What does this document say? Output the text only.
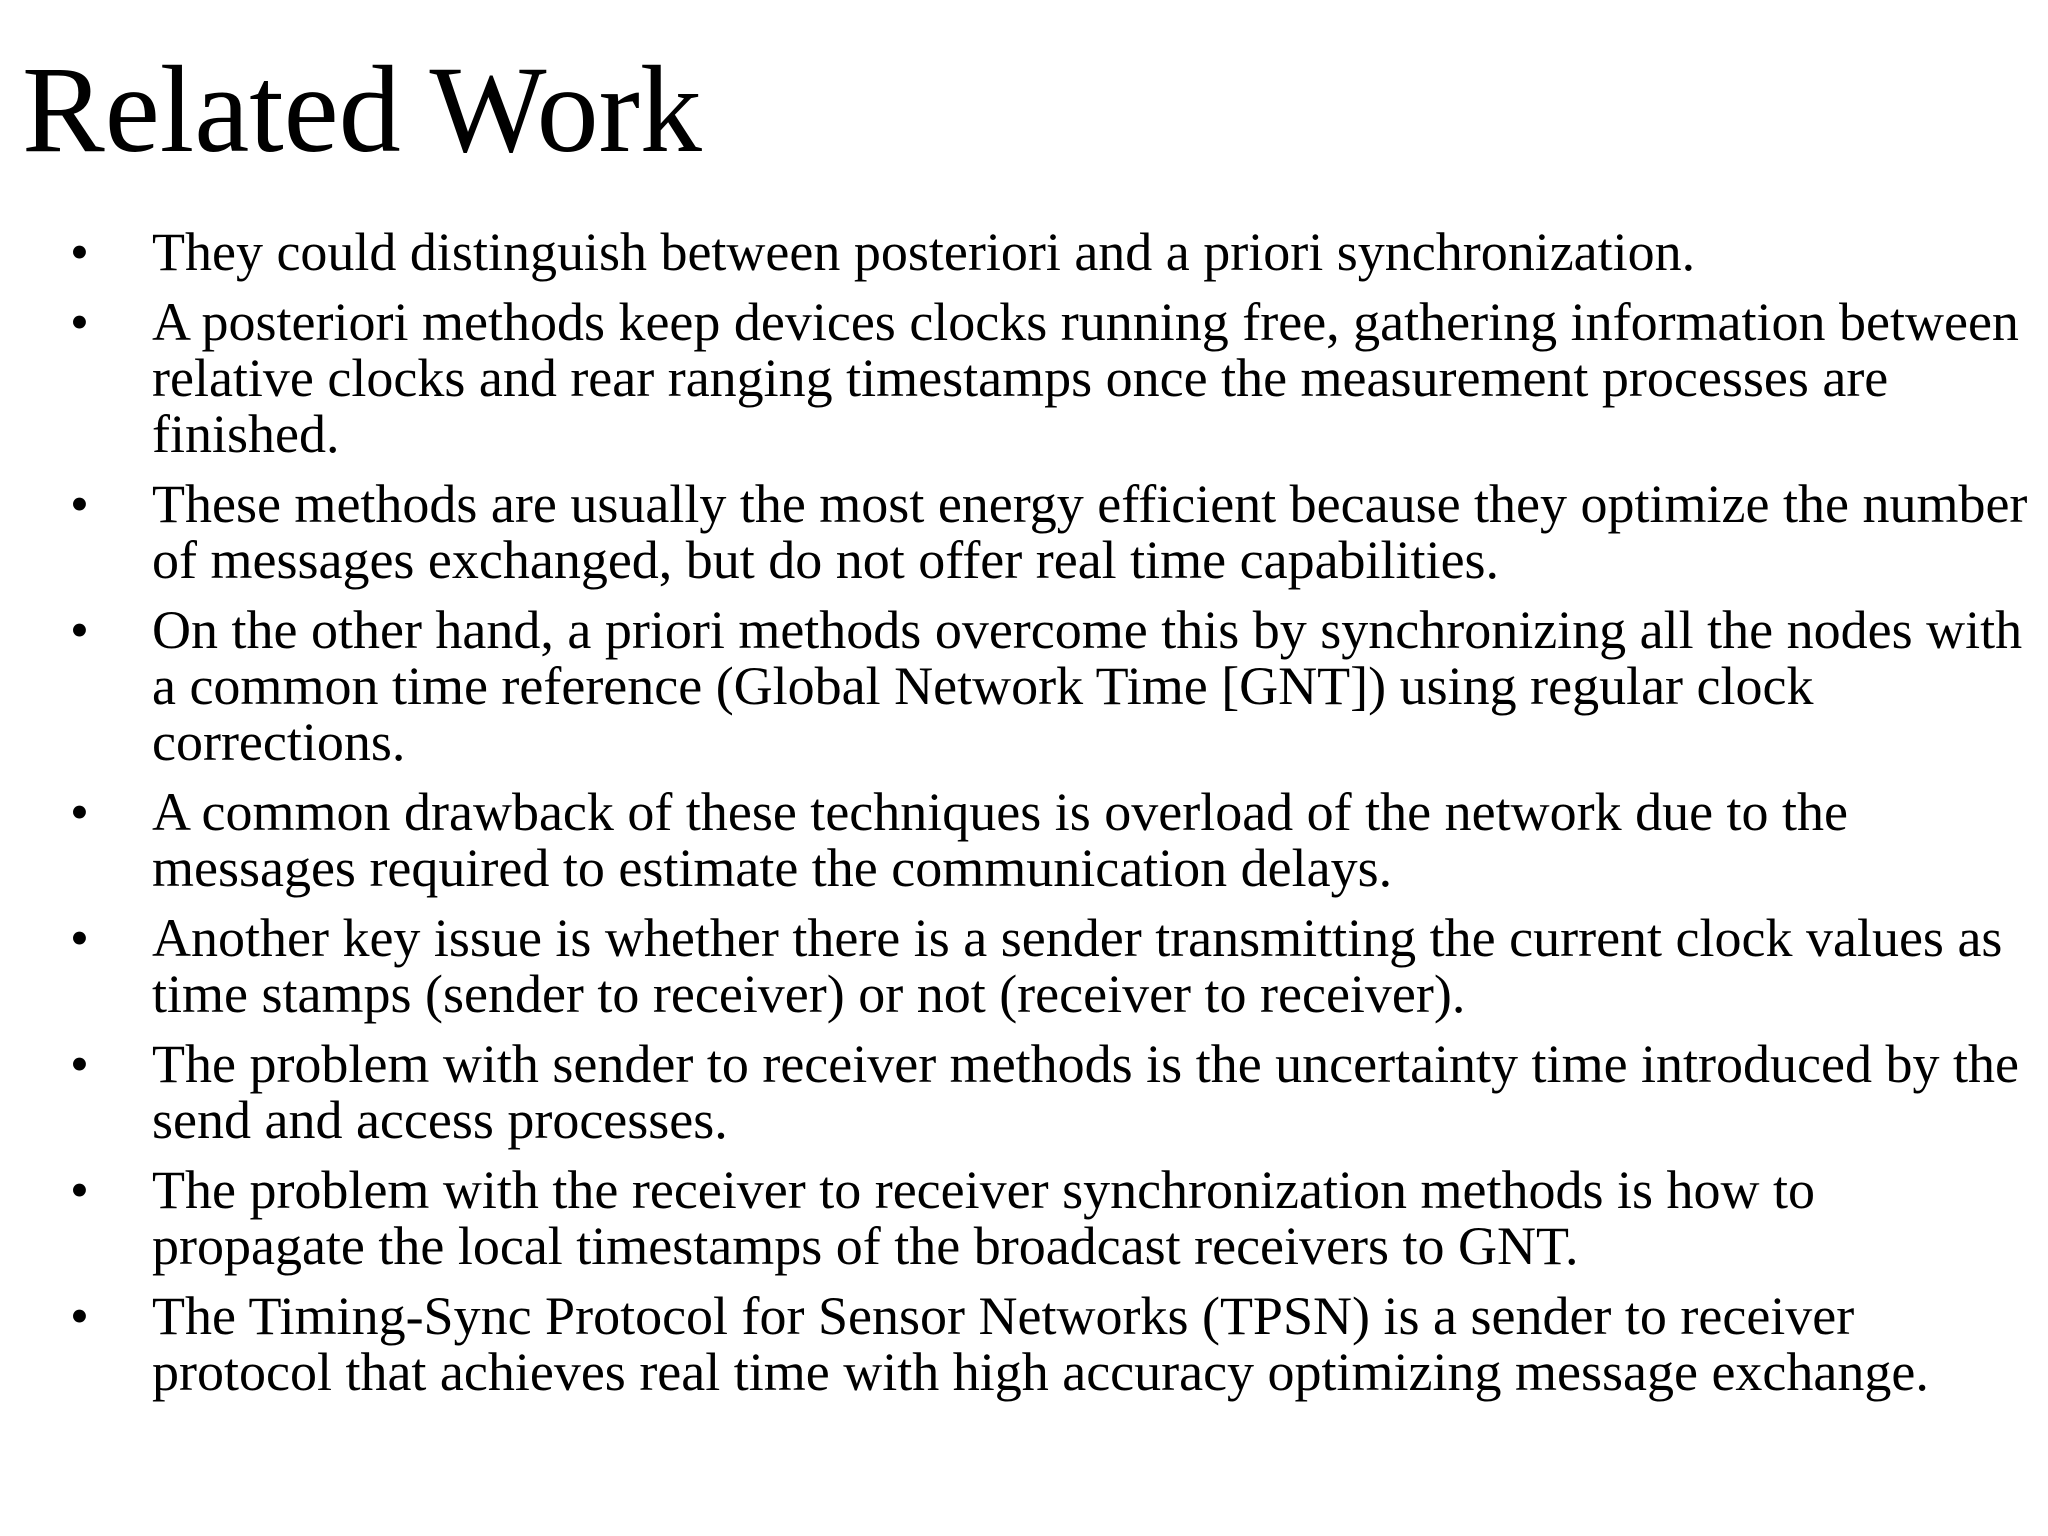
Related Work
• They could distinguish between posteriori and a priori synchronization.
• A posteriori methods keep devices clocks running free, gathering information between relative clocks and rear ranging timestamps once the measurement processes are finished.
• These methods are usually the most energy efficient because they optimize the number of messages exchanged, but do not offer real time capabilities.
• On the other hand, a priori methods overcome this by synchronizing all the nodes with a common time reference (Global Network Time [GNT]) using regular clock corrections.
• A common drawback of these techniques is overload of the network due to the messages required to estimate the communication delays.
• Another key issue is whether there is a sender transmitting the current clock values as time stamps (sender to receiver) or not (receiver to receiver).
• The problem with sender to receiver methods is the uncertainty time introduced by the send and access processes.
• The problem with the receiver to receiver synchronization methods is how to propagate the local timestamps of the broadcast receivers to GNT.
• The Timing-Sync Protocol for Sensor Networks (TPSN) is a sender to receiver protocol that achieves real time with high accuracy optimizing message exchange.
